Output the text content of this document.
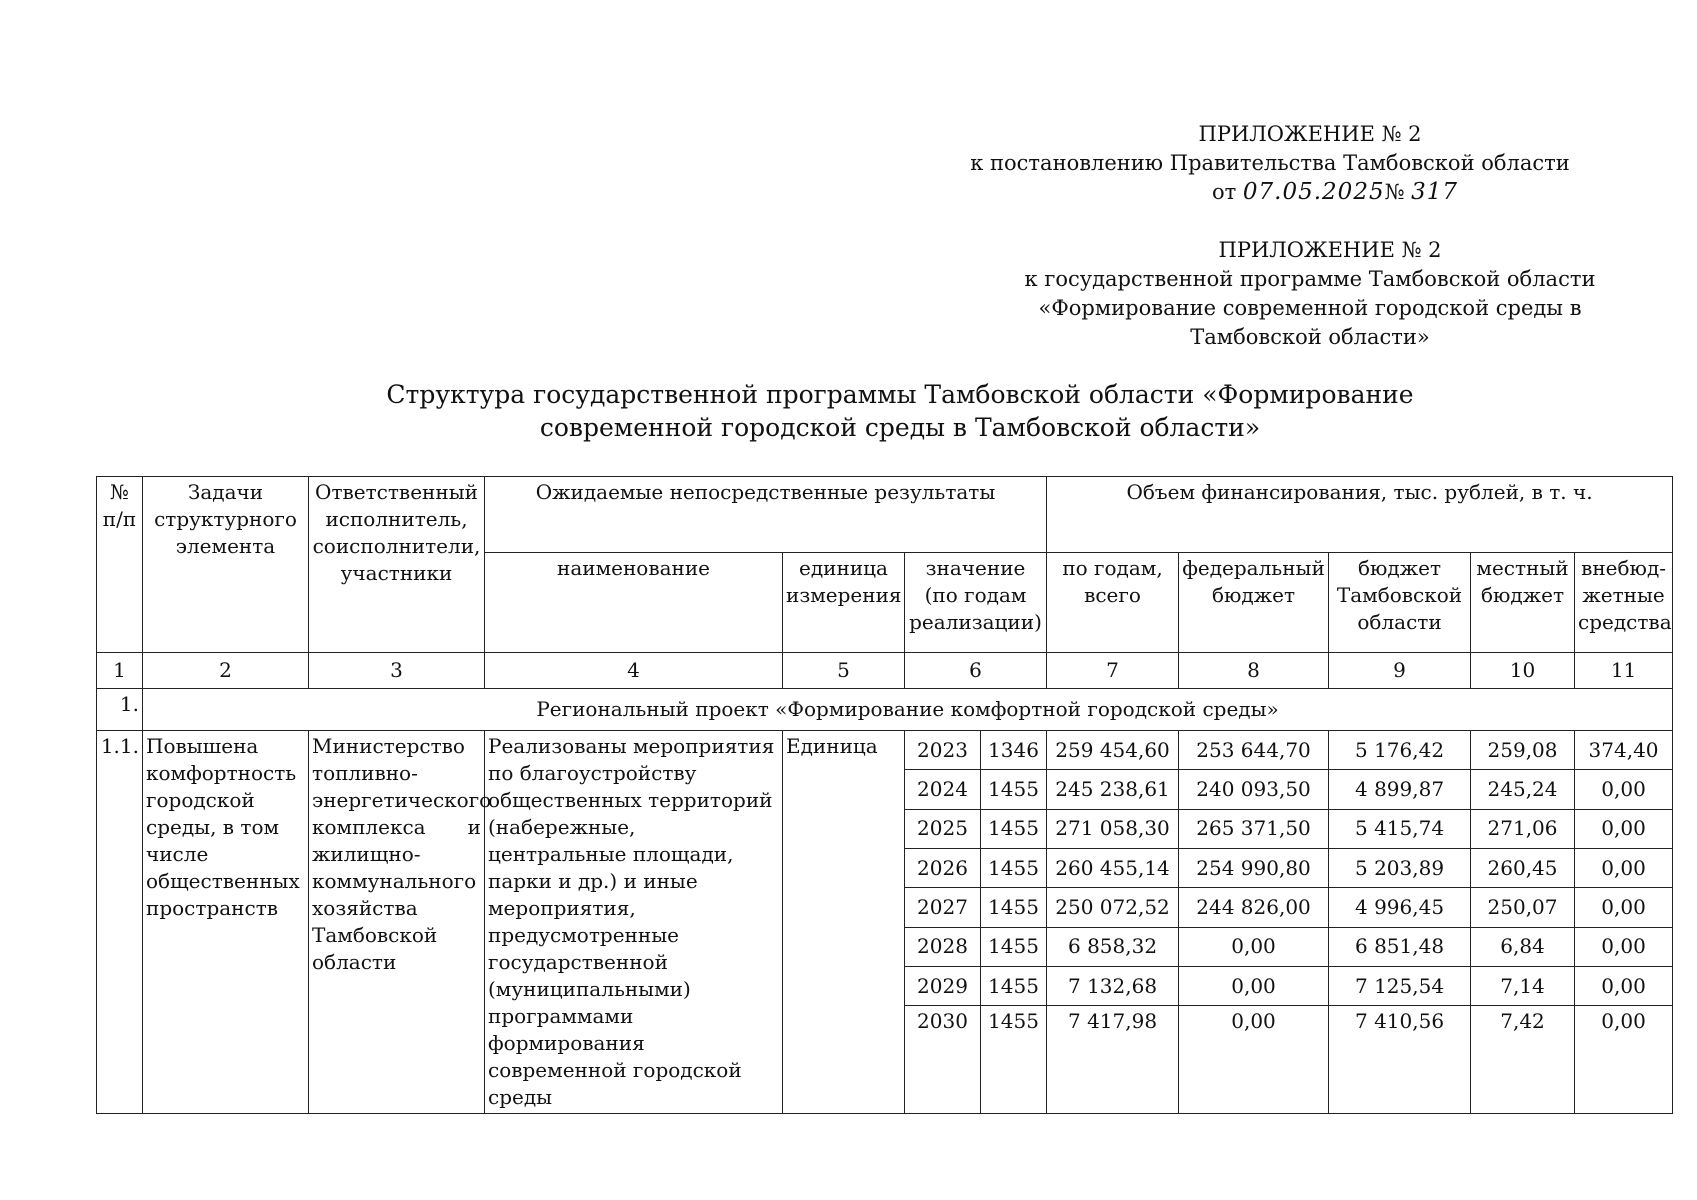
ПРИЛОЖЕНИЕ № 2
к постановлению Правительства Тамбовской области
от 07.05.2025№ 317
ПРИЛОЖЕНИЕ № 2
к государственной программе Тамбовской области
«Формирование современной городской среды в
Тамбовской области»
Структура государственной программы Тамбовской области «Формирование
современной городской среды в Тамбовской области»
№ п/п	Задачи структурного элемента	Ответственный исполнитель, соисполнители, участники	Ожидаемые непосредственные результаты				Объем финансирования, тыс. рублей, в т. ч.				
			наименование	единица измерения	значение (по годам реализации)		по годам, всего	федеральный бюджет	бюджет Тамбовской области	местный бюджет	внебюд-жетные средства
1	2	3	4	5	6		7	8	9	10	11
1.	Региональный проект «Формирование комфортной городской среды»										
1.1.	Повышена комфортность городской среды, в том числе общественных пространств	Министерство топливно-энергетического комплекса и жилищно-коммунального хозяйства Тамбовской области	Реализованы мероприятия по благоустройству общественных территорий (набережные, центральные площади, парки и др.) и иные мероприятия, предусмотренные государственной (муниципальными) программами формирования современной городской среды	Единица	2023	1346	259 454,60	253 644,70	5 176,42	259,08	374,40
					2024	1455	245 238,61	240 093,50	4 899,87	245,24	0,00
					2025	1455	271 058,30	265 371,50	5 415,74	271,06	0,00
					2026	1455	260 455,14	254 990,80	5 203,89	260,45	0,00
					2027	1455	250 072,52	244 826,00	4 996,45	250,07	0,00
					2028	1455	6 858,32	0,00	6 851,48	6,84	0,00
					2029	1455	7 132,68	0,00	7 125,54	7,14	0,00
					2030	1455	7 417,98	0,00	7 410,56	7,42	0,00
